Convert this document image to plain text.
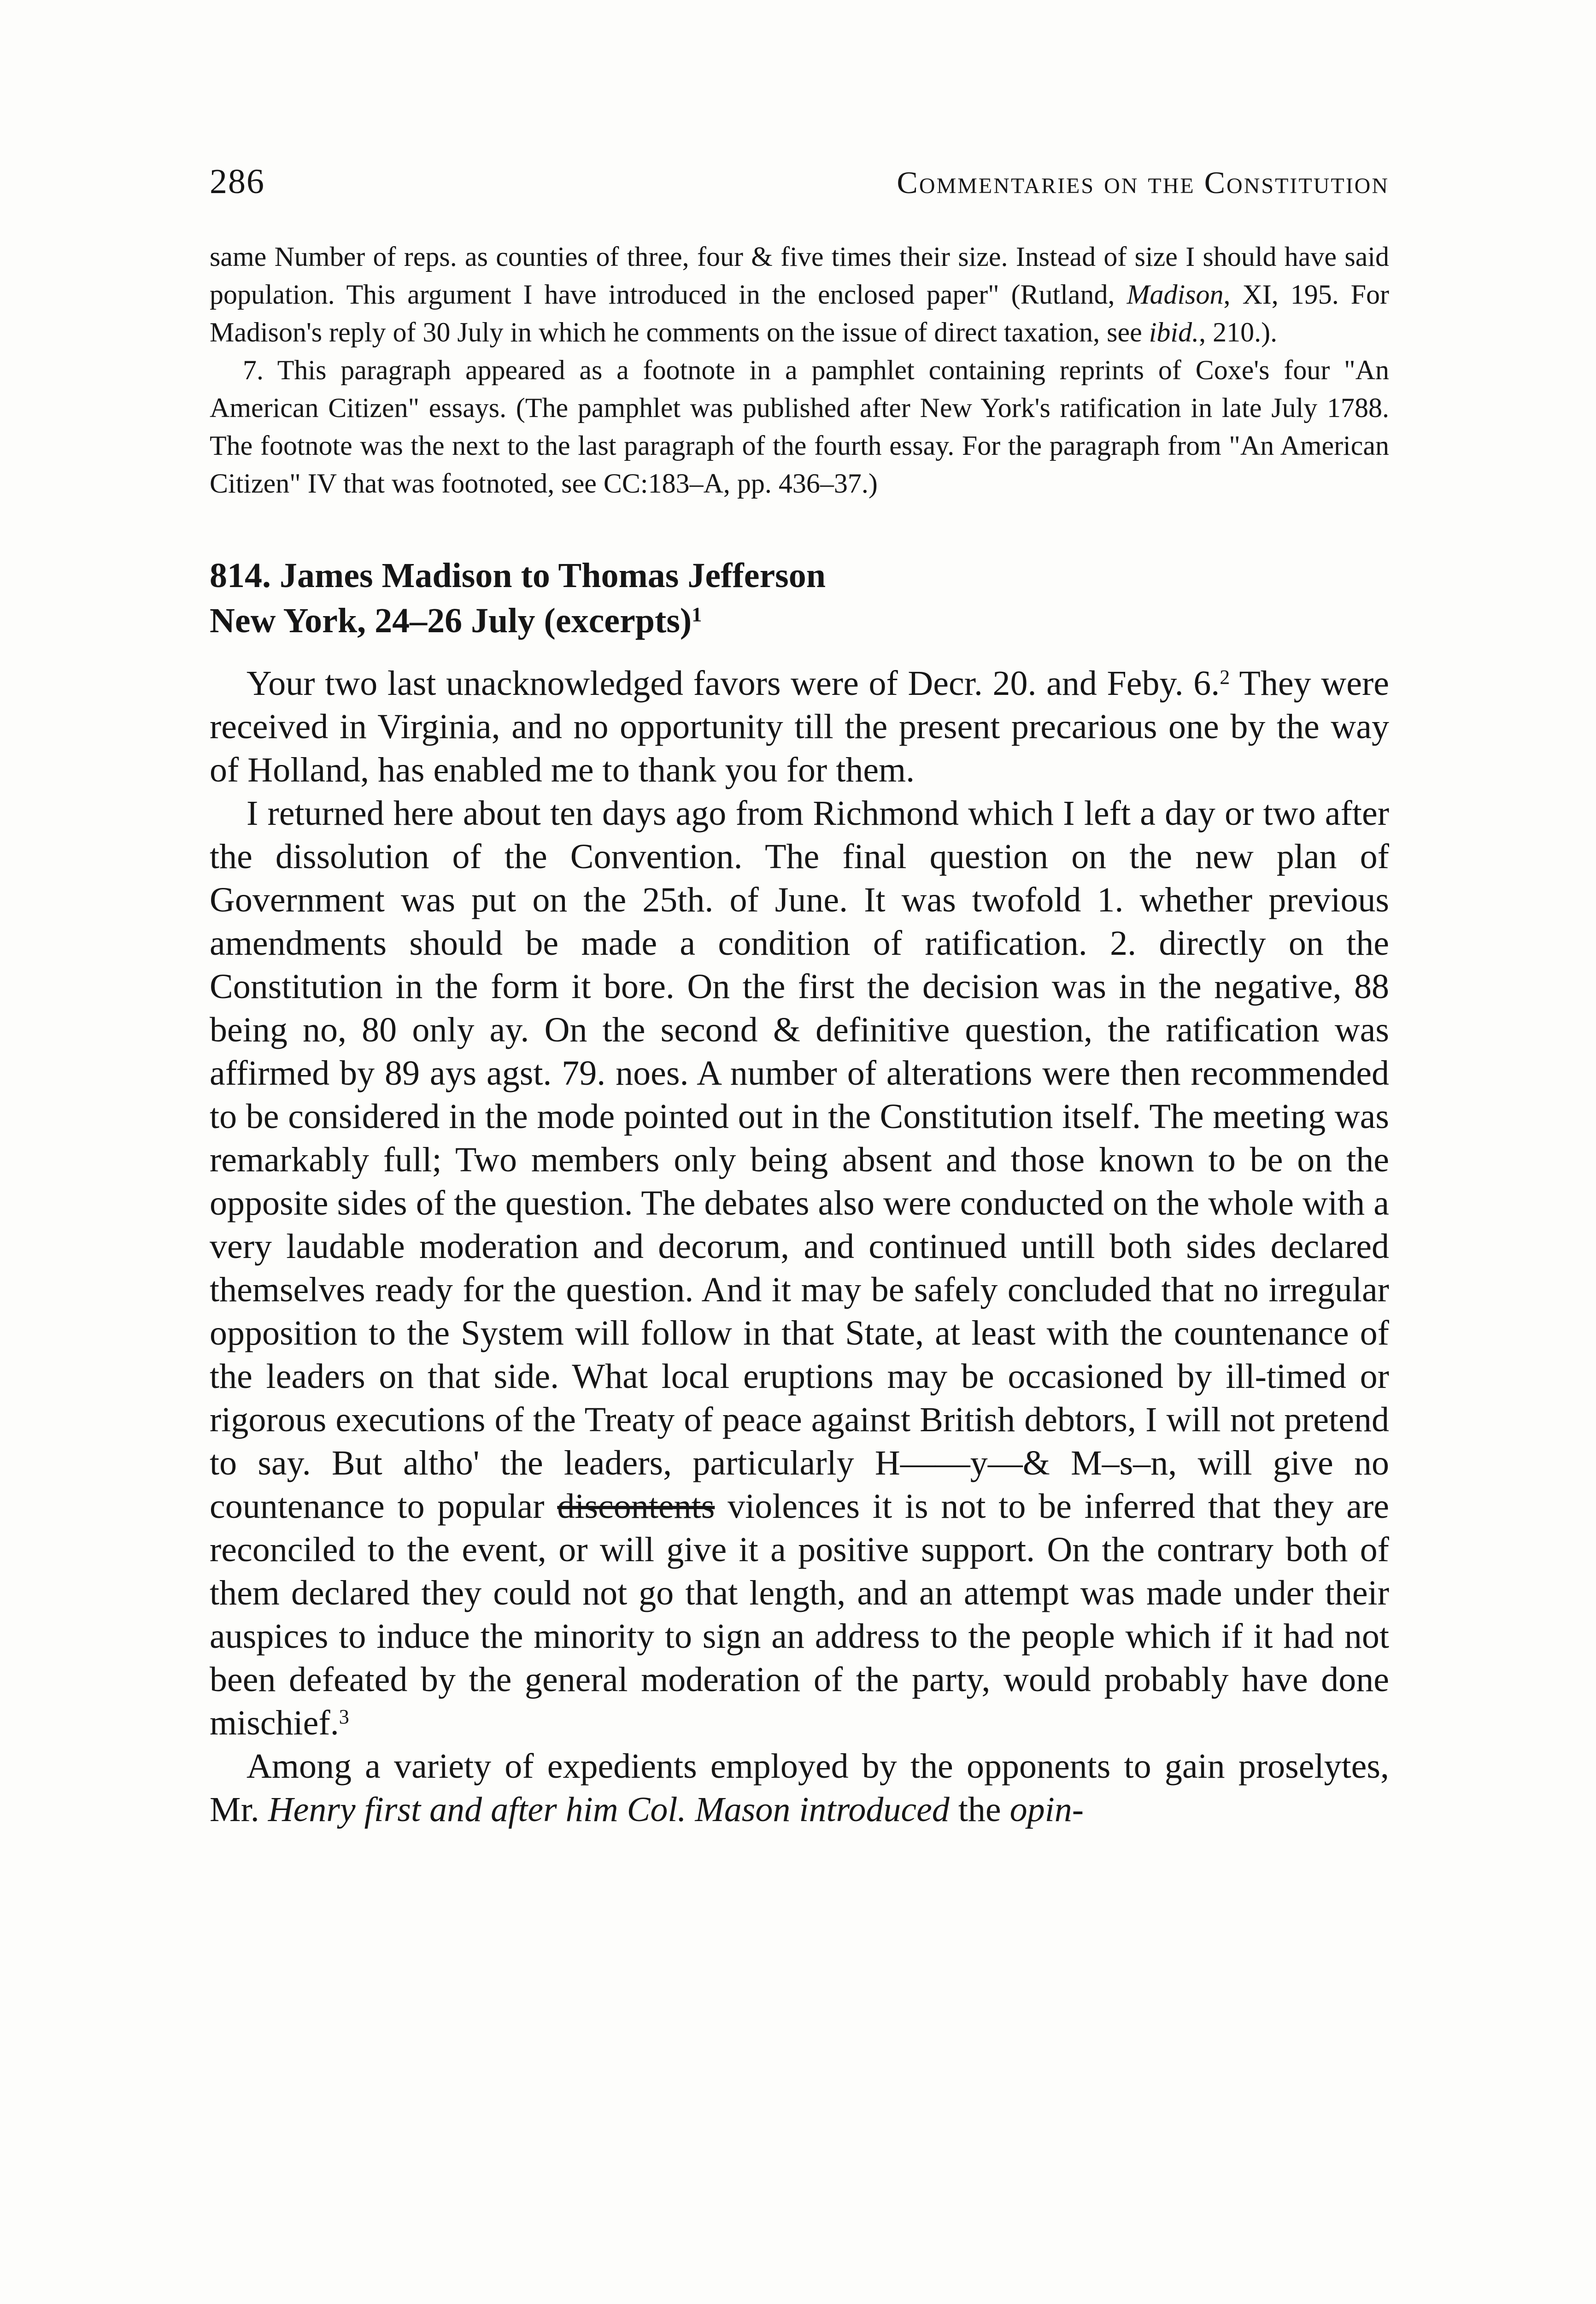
286	Commentaries on the Constitution

same Number of reps. as counties of three, four & five times their size. Instead of size I should have said population. This argument I have introduced in the enclosed paper" (Rutland, Madison, XI, 195. For Madison's reply of 30 July in which he comments on the issue of direct taxation, see ibid., 210.).

7. This paragraph appeared as a footnote in a pamphlet containing reprints of Coxe's four "An American Citizen" essays. (The pamphlet was published after New York's ratification in late July 1788. The footnote was the next to the last paragraph of the fourth essay. For the paragraph from "An American Citizen" IV that was footnoted, see CC:183–A, pp. 436–37.)

814. James Madison to Thomas Jefferson
New York, 24–26 July (excerpts)$^1$

Your two last unacknowledged favors were of Decr. 20. and Feby. 6.$^2$ They were received in Virginia, and no opportunity till the present precarious one by the way of Holland, has enabled me to thank you for them.

I returned here about ten days ago from Richmond which I left a day or two after the dissolution of the Convention. The final question on the new plan of Government was put on the 25th. of June. It was twofold 1. whether previous amendments should be made a condition of ratification. 2. directly on the Constitution in the form it bore. On the first the decision was in the negative, 88 being no, 80 only ay. On the second & definitive question, the ratification was affirmed by 89 ays agst. 79. noes. A number of alterations were then recommended to be considered in the mode pointed out in the Constitution itself. The meeting was remarkably full; Two members only being absent and those known to be on the opposite sides of the question. The debates also were conducted on the whole with a very laudable moderation and decorum, and continued untill both sides declared themselves ready for the question. And it may be safely concluded that no irregular opposition to the System will follow in that State, at least with the countenance of the leaders on that side. What local eruptions may be occasioned by ill-timed or rigorous executions of the Treaty of peace against British debtors, I will not pretend to say. But altho' the leaders, particularly H——y—& M–s–n, will give no countenance to popular discontents violences it is not to be inferred that they are reconciled to the event, or will give it a positive support. On the contrary both of them declared they could not go that length, and an attempt was made under their auspices to induce the minority to sign an address to the people which if it had not been defeated by the general moderation of the party, would probably have done mischief.$^3$

Among a variety of expedients employed by the opponents to gain proselytes, Mr. Henry first and after him Col. Mason introduced the opin-
